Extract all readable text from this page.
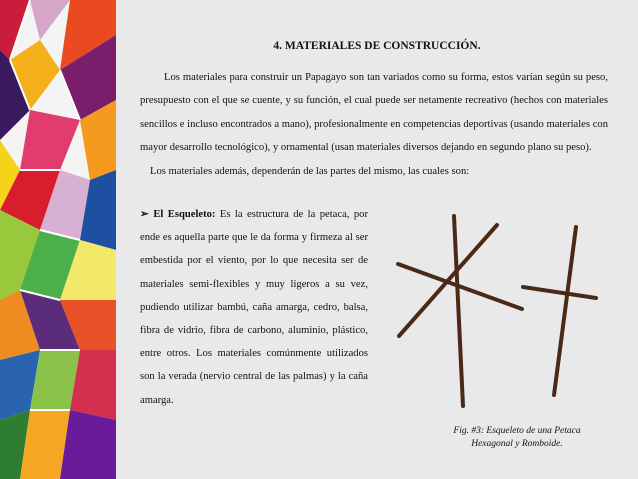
4. MATERIALES DE CONSTRUCCIÓN.

Los materiales para construir un Papagayo son tan variados como su forma, estos varían según su peso, presupuesto con el que se cuente, y su función, el cual puede ser netamente recreativo (hechos con materiales sencillos e incluso encontrados a mano), profesionalmente en competencias deportivas (usando materiales con mayor desarrollo tecnológico), y ornamental (usan materiales diversos dejando en segundo plano su peso).

Los materiales además, dependerán de las partes del mismo, las cuales son:

➢ El Esqueleto: Es la estructura de la petaca, por ende es aquella parte que le da forma y firmeza al ser embestida por el viento, por lo que necesita ser de materiales semi-flexibles y muy ligeros a su vez, pudiendo utilizar bambú, caña amarga, cedro, balsa, fibra de vidrio, fibra de carbono, aluminio, plástico, entre otros. Los materiales comúnmente utilizados son la verada (nervio central de las palmas) y la caña amarga.
Fig. #3: Esqueleto de una Petaca
Hexagonal y Romboide.
